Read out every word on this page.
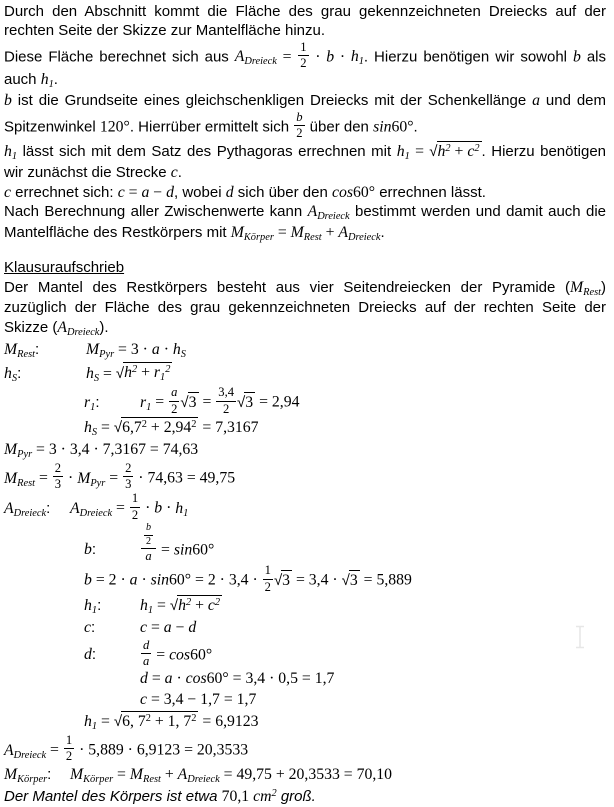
Durch den Abschnitt kommt die Fläche des grau gekennzeichneten Dreiecks auf der rechten Seite der Skizze zur Mantelfläche hinzu.
Diese Fläche berechnet sich aus ADreieck = $\frac{1}{2} \cdot b \cdot h1$. Hierzu benötigen wir sowohl b als auch h1.
b ist die Grundseite eines gleichschenkligen Dreiecks mit der Schenkellänge a und dem Spitzenwinkel 120°. Hierrüber ermittelt sich $\frac{b}{2}$ über den sin60°.
h1 lässt sich mit dem Satz des Pythagoras errechnen mit h1 = √ $h^2 + c^2$ . Hierzu benötigen wir zunächst die Strecke c.
c errechnet sich: c = a − d, wobei d sich über den cos60° errechnen lässt.
Nach Berechnung aller Zwischenwerte kann ADreieck bestimmt werden und damit auch die Mantelfläche des Restkörpers mit MKörper = MRest + ADreieck.
Klausuraufschrieb
Der Mantel des Restkörpers besteht aus vier Seitendreiecken der Pyramide (MRest) zuzüglich der Fläche des grau gekennzeichneten Dreiecks auf der rechten Seite der Skizze (ADreieck).
MRest:	MPyr = 3 · a · hS
hS:	hS = √ $h^2 + r1^2$
r1:	$r1 = \frac{a}{2}$ √ $3 = \frac{3,4}{2}$ √ 3 = 2,94
hS = √ $6,7^2 + 2,94^2 = 7,3167$
MPyr = 3 · 3,4 · 7,3167 = 74,63
MRest = $\frac{2}{3}$ · MPyr = $\frac{2}{3} \cdot 74,63 = 49,75$
ADreieck: ADreieck = $\frac{1}{2} \cdot b \cdot h1$
b:	$\frac{\frac{b}{2}}{a} = \sin 60^\circ$
$b = 2 \cdot a \cdot \sin 60^\circ = 2 \cdot 3,4 \cdot \frac{1}{2}$ √ 3 = 3,4 · √ 3 = 5,889
h1: h1 = √ $h^2 + c^2$
c:	c = a − d
d:	$\frac{d}{a} = \cos 60^\circ$
d = a · cos60° = 3,4 · 0,5 = 1,7
c = 3,4 − 1,7 = 1,7
h1 = √ 6, $7^2 + 1$, $7^2 = 6,9123$
ADreieck = $\frac{1}{2} \cdot 5,889 \cdot 6,9123 = 20,3533$
MKörper: MKörper = MRest + ADreieck = 49,75 + 20,3533 = 70,10
Der Mantel des Körpers ist etwa 70,1 $cm^2$ groß.
